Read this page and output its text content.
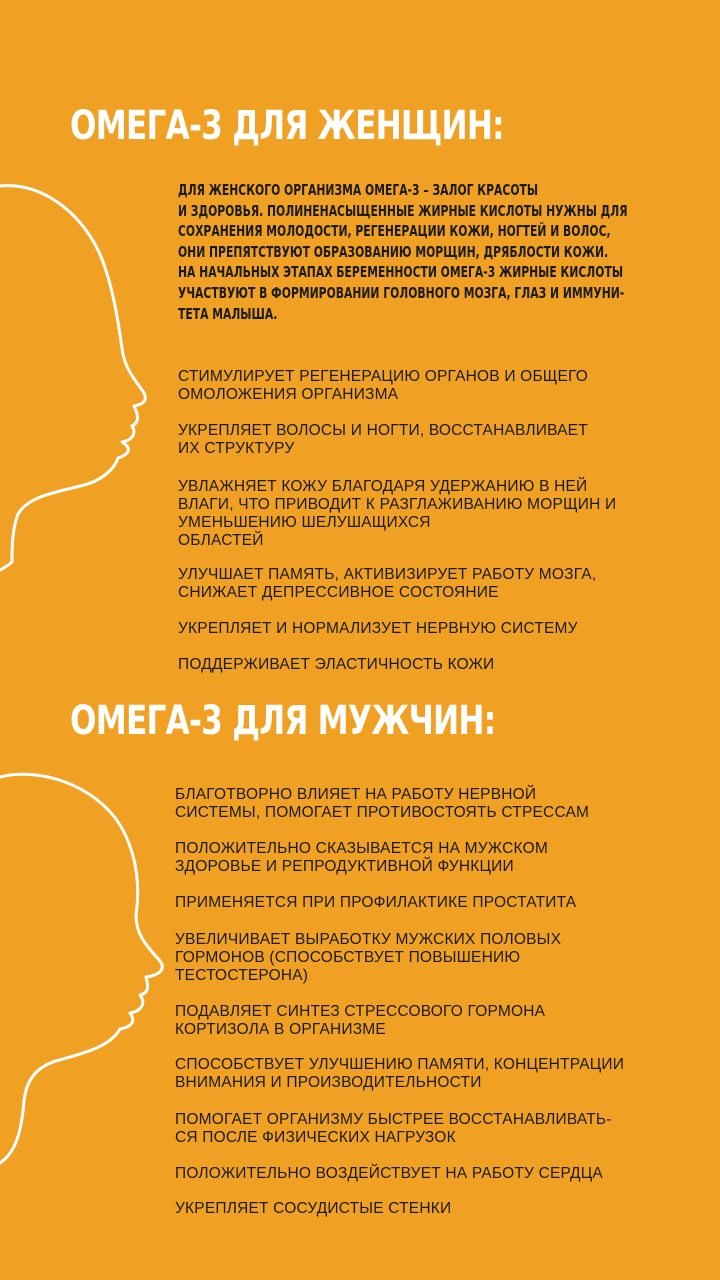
ОМЕГА-3 ДЛЯ ЖЕНЩИН:

ДЛЯ ЖЕНСКОГО ОРГАНИЗМА ОМЕГА-3 – ЗАЛОГ КРАСОТЫ
И ЗДОРОВЬЯ. ПОЛИНЕНАСЫЩЕННЫЕ ЖИРНЫЕ КИСЛОТЫ НУЖНЫ ДЛЯ
СОХРАНЕНИЯ МОЛОДОСТИ, РЕГЕНЕРАЦИИ КОЖИ, НОГТЕЙ И ВОЛОС,
ОНИ ПРЕПЯТСТВУЮТ ОБРАЗОВАНИЮ МОРЩИН, ДРЯБЛОСТИ КОЖИ.
НА НАЧАЛЬНЫХ ЭТАПАХ БЕРЕМЕННОСТИ ОМЕГА-3 ЖИРНЫЕ КИСЛОТЫ
УЧАСТВУЮТ В ФОРМИРОВАНИИ ГОЛОВНОГО МОЗГА, ГЛАЗ И ИММУНИ-
ТЕТА МАЛЫША.

СТИМУЛИРУЕТ РЕГЕНЕРАЦИЮ ОРГАНОВ И ОБЩЕГО
ОМОЛОЖЕНИЯ ОРГАНИЗМА
УКРЕПЛЯЕТ ВОЛОСЫ И НОГТИ, ВОССТАНАВЛИВАЕТ
ИХ СТРУКТУРУ
УВЛАЖНЯЕТ КОЖУ БЛАГОДАРЯ УДЕРЖАНИЮ В НЕЙ
ВЛАГИ, ЧТО ПРИВОДИТ К РАЗГЛАЖИВАНИЮ МОРЩИН И
УМЕНЬШЕНИЮ ШЕЛУШАЩИХСЯ
ОБЛАСТЕЙ
УЛУЧШАЕТ ПАМЯТЬ, АКТИВИЗИРУЕТ РАБОТУ МОЗГА,
СНИЖАЕТ ДЕПРЕССИВНОЕ СОСТОЯНИЕ
УКРЕПЛЯЕТ И НОРМАЛИЗУЕТ НЕРВНУЮ СИСТЕМУ
ПОДДЕРЖИВАЕТ ЭЛАСТИЧНОСТЬ КОЖИ
ОМЕГА-3 ДЛЯ МУЖЧИН:
БЛАГОТВОРНО ВЛИЯЕТ НА РАБОТУ НЕРВНОЙ
СИСТЕМЫ, ПОМОГАЕТ ПРОТИВОСТОЯТЬ СТРЕССАМ
ПОЛОЖИТЕЛЬНО СКАЗЫВАЕТСЯ НА МУЖСКОМ
ЗДОРОВЬЕ И РЕПРОДУКТИВНОЙ ФУНКЦИИ
ПРИМЕНЯЕТСЯ ПРИ ПРОФИЛАКТИКЕ ПРОСТАТИТА
УВЕЛИЧИВАЕТ ВЫРАБОТКУ МУЖСКИХ ПОЛОВЫХ
ГОРМОНОВ (СПОСОБСТВУЕТ ПОВЫШЕНИЮ
ТЕСТОСТЕРОНА)
ПОДАВЛЯЕТ СИНТЕЗ СТРЕССОВОГО ГОРМОНА
КОРТИЗОЛА В ОРГАНИЗМЕ
СПОСОБСТВУЕТ УЛУЧШЕНИЮ ПАМЯТИ, КОНЦЕНТРАЦИИ
ВНИМАНИЯ И ПРОИЗВОДИТЕЛЬНОСТИ
ПОМОГАЕТ ОРГАНИЗМУ БЫСТРЕЕ ВОССТАНАВЛИВАТЬ-
СЯ ПОСЛЕ ФИЗИЧЕСКИХ НАГРУЗОК
ПОЛОЖИТЕЛЬНО ВОЗДЕЙСТВУЕТ НА РАБОТУ СЕРДЦА
УКРЕПЛЯЕТ СОСУДИСТЫЕ СТЕНКИ
